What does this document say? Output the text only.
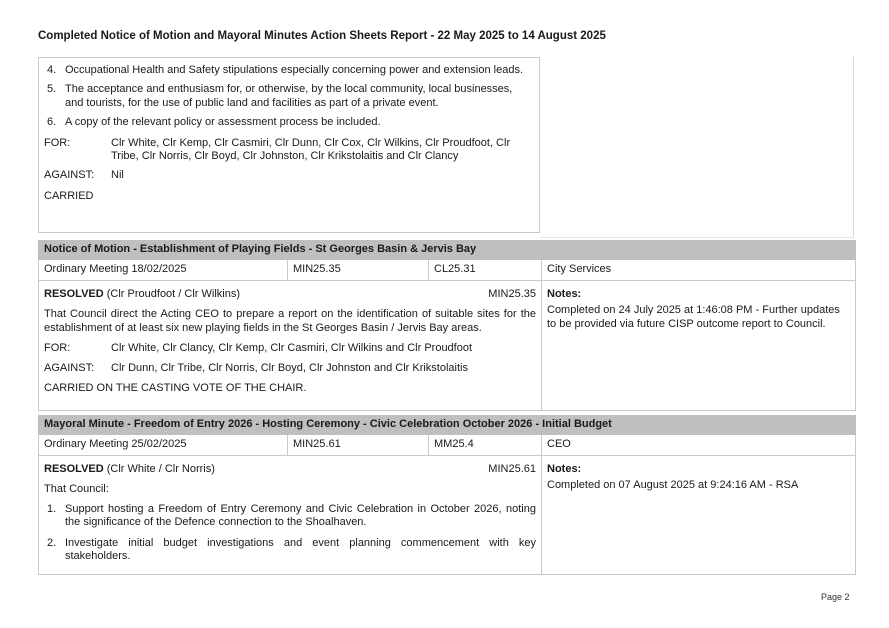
Completed Notice of Motion and Mayoral Minutes Action Sheets Report - 22 May 2025 to 14 August 2025
4. Occupational Health and Safety stipulations especially concerning power and extension leads.
5. The acceptance and enthusiasm for, or otherwise, by the local community, local businesses, and tourists, for the use of public land and facilities as part of a private event.
6. A copy of the relevant policy or assessment process be included.
FOR:	Clr White, Clr Kemp, Clr Casmiri, Clr Dunn, Clr Cox, Clr Wilkins, Clr Proudfoot, Clr Tribe, Clr Norris, Clr Boyd, Clr Johnston, Clr Krikstolaitis and Clr Clancy
AGAINST:	Nil
CARRIED
Notice of Motion - Establishment of Playing Fields - St Georges Basin & Jervis Bay			
Ordinary Meeting 18/02/2025	MIN25.35	CL25.31	City Services

RESOLVED (Clr Proudfoot / Clr Wilkins)	MIN25.35
That Council direct the Acting CEO to prepare a report on the identification of suitable sites for the establishment of at least six new playing fields in the St Georges Basin / Jervis Bay areas.
FOR:	Clr White, Clr Clancy, Clr Kemp, Clr Casmiri, Clr Wilkins and Clr Proudfoot
AGAINST:	Clr Dunn, Clr Tribe, Clr Norris, Clr Boyd, Clr Johnston and Clr Krikstolaitis
CARRIED ON THE CASTING VOTE OF THE CHAIR.

Notes:
Completed on 24 July 2025 at 1:46:08 PM - Further updates to be provided via future CISP outcome report to Council.
Mayoral Minute - Freedom of Entry 2026 - Hosting Ceremony - Civic Celebration October 2026 - Initial Budget			
Ordinary Meeting 25/02/2025	MIN25.61	MM25.4	CEO

RESOLVED (Clr White / Clr Norris)	MIN25.61
That Council:
1. Support hosting a Freedom of Entry Ceremony and Civic Celebration in October 2026, noting the significance of the Defence connection to the Shoalhaven.
2. Investigate initial budget investigations and event planning commencement with key stakeholders.

Notes:
Completed on 07 August 2025 at 9:24:16 AM - RSA
Page 2
